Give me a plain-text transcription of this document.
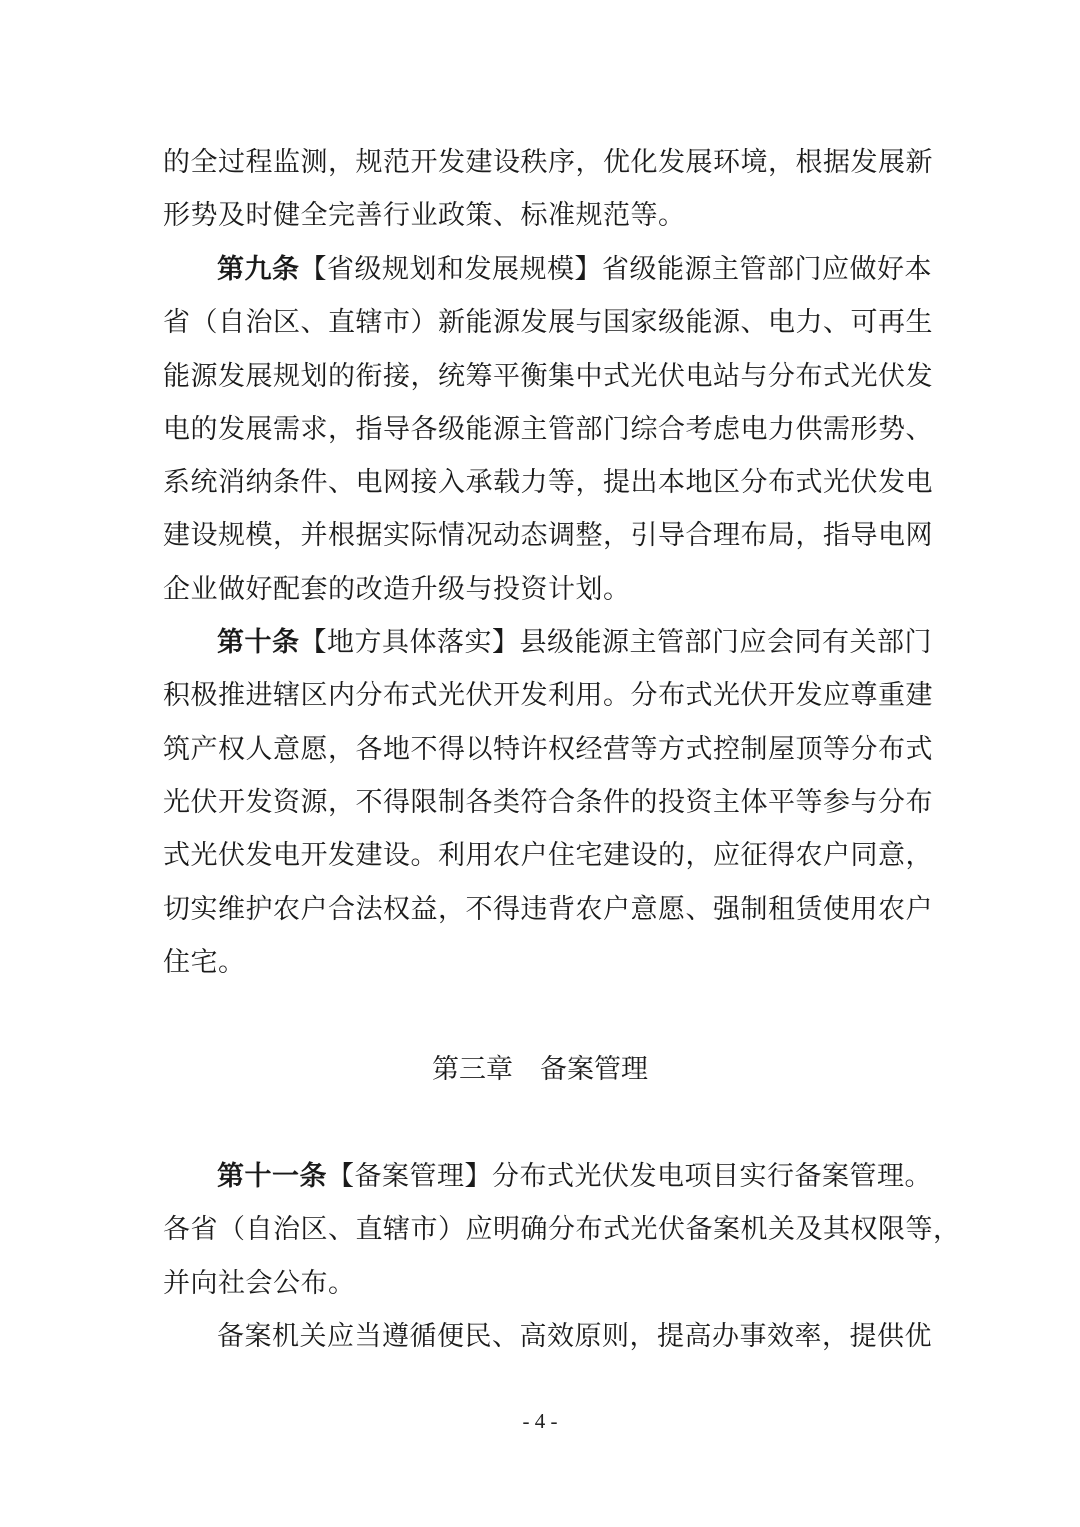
的全过程监测，规范开发建设秩序，优化发展环境，根据发展新
形势及时健全完善行业政策、标准规范等。
第九条【省级规划和发展规模】省级能源主管部门应做好本
省（自治区、直辖市）新能源发展与国家级能源、电力、可再生
能源发展规划的衔接，统筹平衡集中式光伏电站与分布式光伏发
电的发展需求，指导各级能源主管部门综合考虑电力供需形势、
系统消纳条件、电网接入承载力等，提出本地区分布式光伏发电
建设规模，并根据实际情况动态调整，引导合理布局，指导电网
企业做好配套的改造升级与投资计划。
第十条【地方具体落实】县级能源主管部门应会同有关部门
积极推进辖区内分布式光伏开发利用。分布式光伏开发应尊重建
筑产权人意愿，各地不得以特许权经营等方式控制屋顶等分布式
光伏开发资源，不得限制各类符合条件的投资主体平等参与分布
式光伏发电开发建设。利用农户住宅建设的，应征得农户同意，
切实维护农户合法权益，不得违背农户意愿、强制租赁使用农户
住宅。
第三章　备案管理
第十一条【备案管理】分布式光伏发电项目实行备案管理。
各省（自治区、直辖市）应明确分布式光伏备案机关及其权限等，
并向社会公布。
备案机关应当遵循便民、高效原则，提高办事效率，提供优
- 4 -
